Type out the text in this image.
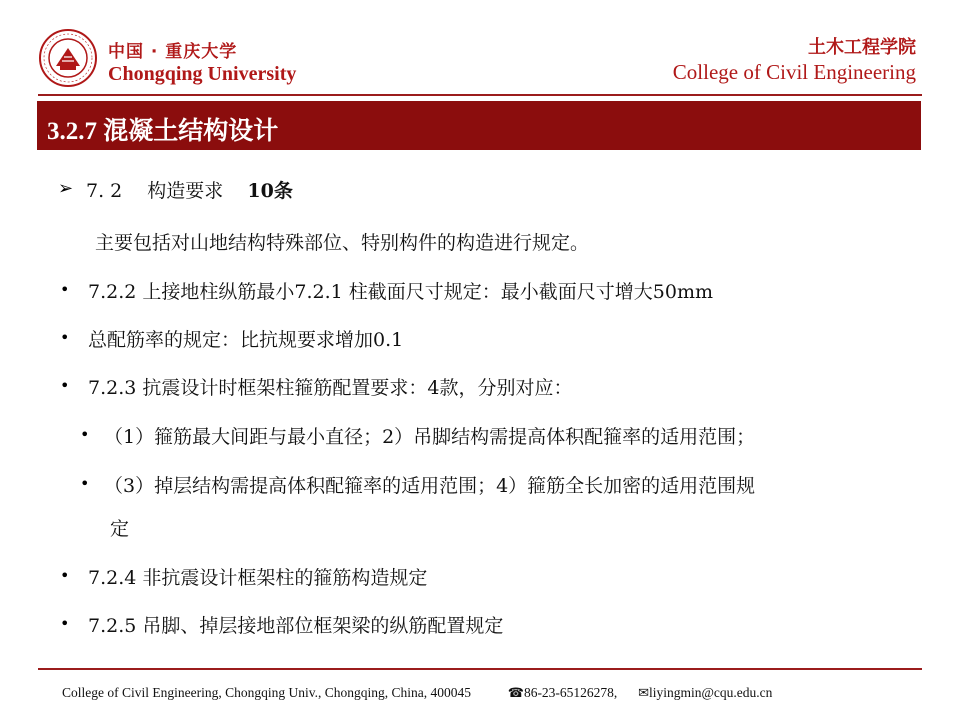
中国 · 重庆大学
Chongqing University
土木工程学院
College of Civil Engineering
3.2.7 混凝土结构设计
➢ 7. 2　 构造要求 10条
主要包括对山地结构特殊部位、特别构件的构造进行规定。
• 7.2.2 上接地柱纵筋最小7.2.1 柱截面尺寸规定：最小截面尺寸增大50mm
• 总配筋率的规定：比抗规要求增加0.1
• 7.2.3 抗震设计时框架柱箍筋配置要求：4款，分别对应：
• （1）箍筋最大间距与最小直径；2）吊脚结构需提高体积配箍率的适用范围；
• （3）掉层结构需提高体积配箍率的适用范围；4）箍筋全长加密的适用范围规
定
• 7.2.4 非抗震设计框架柱的箍筋构造规定
• 7.2.5 吊脚、掉层接地部位框架梁的纵筋配置规定
College of Civil Engineering, Chongqing Univ., Chongqing, China, 400045	☎86-23-65126278, ✉liyingmin@cqu.edu.cn
